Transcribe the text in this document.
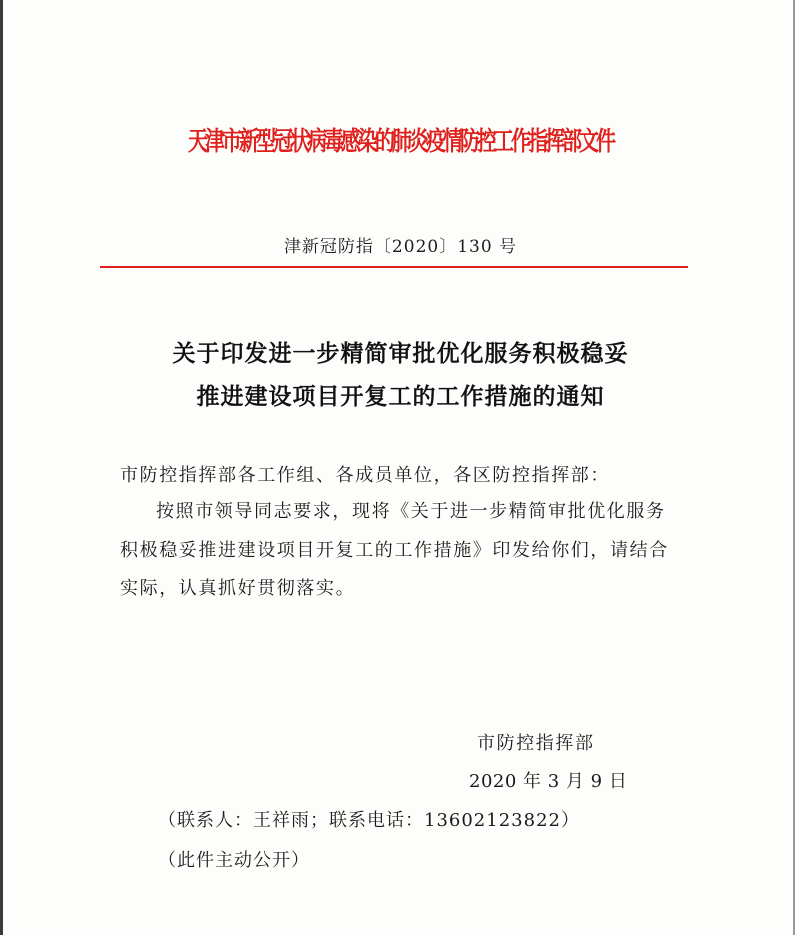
天津市新型冠状病毒感染的肺炎疫情防控工作指挥部文件
津新冠防指〔2020〕130 号
关于印发进一步精简审批优化服务积极稳妥
推进建设项目开复工的工作措施的通知
市防控指挥部各工作组、各成员单位，各区防控指挥部：
按照市领导同志要求，现将《关于进一步精简审批优化服务
积极稳妥推进建设项目开复工的工作措施》印发给你们，请结合
实际，认真抓好贯彻落实。
市防控指挥部
2020 年 3 月 9 日
（联系人：王祥雨；联系电话：13602123822）
（此件主动公开）
